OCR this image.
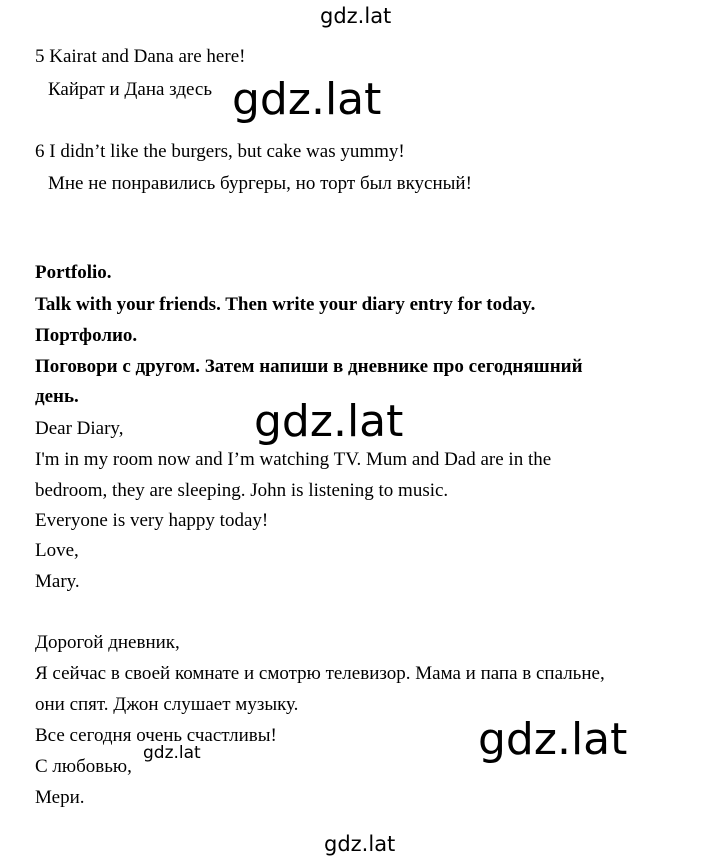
gdz.lat
gdz.lat
gdz.lat
gdz.lat
gdz.lat
gdz.lat
5 Kairat and Dana are here!
Кайрат и Дана здесь
6 I didn’t like the burgers, but cake was yummy!
Мне не понравились бургеры, но торт был вкусный!
Portfolio.
Talk with your friends. Then write your diary entry for today.
Портфолио.
Поговори с другом. Затем напиши в дневнике про сегодняшний
день.
Dear Diary,
I'm in my room now and I’m watching TV. Mum and Dad are in the
bedroom, they are sleeping. John is listening to music.
Everyone is very happy today!
Love,
Mary.
Дорогой дневник,
Я сейчас в своей комнате и смотрю телевизор. Мама и папа в спальне,
они спят. Джон слушает музыку.
Все сегодня очень счастливы!
С любовью,
Мери.
